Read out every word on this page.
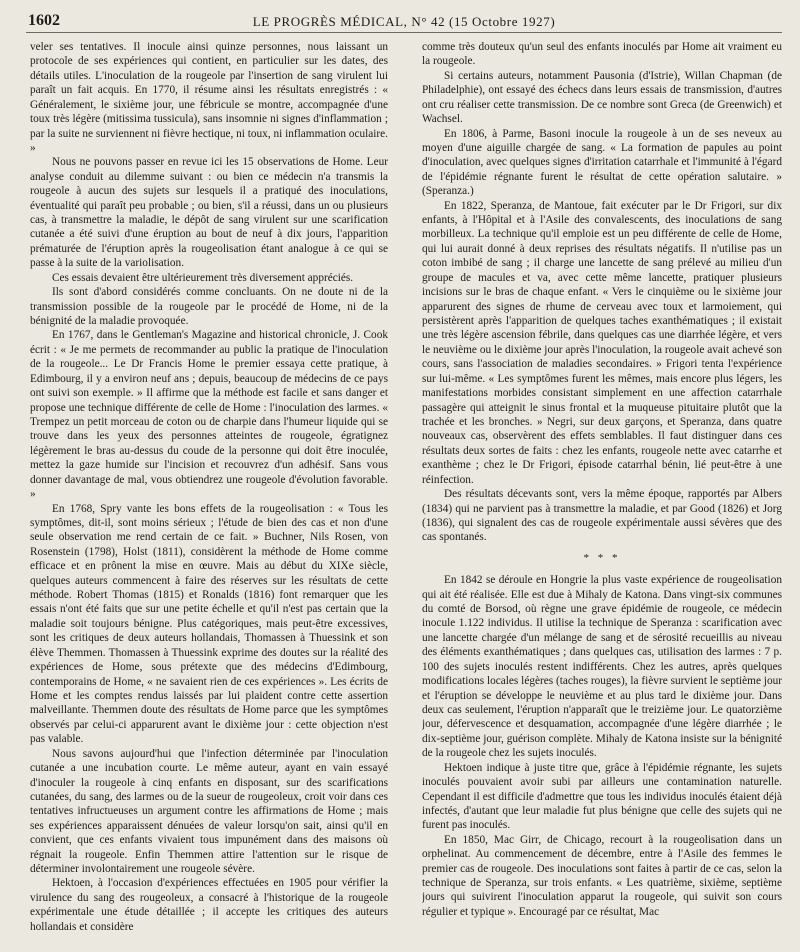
1602	LE PROGRÈS MÉDICAL, N° 42 (15 Octobre 1927)

veler ses tentatives. Il inocule ainsi quinze personnes, nous laissant un protocole de ses expériences qui contient, en particulier sur les dates, des détails utiles. L'inoculation de la rougeole par l'insertion de sang virulent lui paraît un fait acquis. En 1770, il résume ainsi les résultats enregistrés : « Généralement, le sixième jour, une fébricule se montre, accompagnée d'une toux très légère (mitissima tussicula), sans insomnie ni signes d'inflammation ; par la suite ne surviennent ni fièvre hectique, ni toux, ni inflammation oculaire. »

Nous ne pouvons passer en revue ici les 15 observations de Home. Leur analyse conduit au dilemme suivant : ou bien ce médecin n'a transmis la rougeole à aucun des sujets sur lesquels il a pratiqué des inoculations, éventualité qui paraît peu probable ; ou bien, s'il a réussi, dans un ou plusieurs cas, à transmettre la maladie, le dépôt de sang virulent sur une scarification cutanée a été suivi d'une éruption au bout de neuf à dix jours, l'apparition prématurée de l'éruption après la rougeolisation étant analogue à ce qui se passe à la suite de la variolisation.

Ces essais devaient être ultérieurement très diversement appréciés.

Ils sont d'abord considérés comme concluants. On ne doute ni de la transmission possible de la rougeole par le procédé de Home, ni de la bénignité de la maladie provoquée.

En 1767, dans le Gentleman's Magazine and historical chronicle, J. Cook écrit : « Je me permets de recommander au public la pratique de l'inoculation de la rougeole... Le Dr Francis Home le premier essaya cette pratique, à Edimbourg, il y a environ neuf ans ; depuis, beaucoup de médecins de ce pays ont suivi son exemple. » Il affirme que la méthode est facile et sans danger et propose une technique différente de celle de Home : l'inoculation des larmes. « Trempez un petit morceau de coton ou de charpie dans l'humeur liquide qui se trouve dans les yeux des personnes atteintes de rougeole, égratignez légèrement le bras au-dessus du coude de la personne qui doit être inoculée, mettez la gaze humide sur l'incision et recouvrez d'un adhésif. Sans vous donner davantage de mal, vous obtiendrez une rougeole d'évolution favorable. »

En 1768, Spry vante les bons effets de la rougeolisation : « Tous les symptômes, dit-il, sont moins sérieux ; l'étude de bien des cas et non d'une seule observation me rend certain de ce fait. » Buchner, Nils Rosen, von Rosenstein (1798), Holst (1811), considèrent la méthode de Home comme efficace et en prônent la mise en œuvre. Mais au début du XIXe siècle, quelques auteurs commencent à faire des réserves sur les résultats de cette méthode. Robert Thomas (1815) et Ronalds (1816) font remarquer que les essais n'ont été faits que sur une petite échelle et qu'il n'est pas certain que la maladie soit toujours bénigne. Plus catégoriques, mais peut-être excessives, sont les critiques de deux auteurs hollandais, Thomassen à Thuessink et son élève Themmen. Thomassen à Thuessink exprime des doutes sur la réalité des expériences de Home, sous prétexte que des médecins d'Edimbourg, contemporains de Home, « ne savaient rien de ces expériences ». Les écrits de Home et les comptes rendus laissés par lui plaident contre cette assertion malveillante. Themmen doute des résultats de Home parce que les symptômes observés par celui-ci apparurent avant le dixième jour : cette objection n'est pas valable.

Nous savons aujourd'hui que l'infection déterminée par l'inoculation cutanée a une incubation courte. Le même auteur, ayant en vain essayé d'inoculer la rougeole à cinq enfants en disposant, sur des scarifications cutanées, du sang, des larmes ou de la sueur de rougeoleux, croit voir dans ces tentatives infructueuses un argument contre les affirmations de Home ; mais ses expériences apparaissent dénuées de valeur lorsqu'on sait, ainsi qu'il en convient, que ces enfants vivaient tous impunément dans des maisons où régnait la rougeole. Enfin Themmen attire l'attention sur le risque de déterminer involontairement une rougeole sévère.

Hektoen, à l'occasion d'expériences effectuées en 1905 pour vérifier la virulence du sang des rougeoleux, a consacré à l'historique de la rougeole expérimentale une étude détaillée ; il accepte les critiques des auteurs hollandais et considère

comme très douteux qu'un seul des enfants inoculés par Home ait vraiment eu la rougeole.

Si certains auteurs, notamment Pausonia (d'Istrie), Willan Chapman (de Philadelphie), ont essayé des échecs dans leurs essais de transmission, d'autres ont cru réaliser cette transmission. De ce nombre sont Greca (de Greenwich) et Wachsel.

En 1806, à Parme, Basoni inocule la rougeole à un de ses neveux au moyen d'une aiguille chargée de sang. « La formation de papules au point d'inoculation, avec quelques signes d'irritation catarrhale et l'immunité à l'égard de l'épidémie régnante furent le résultat de cette opération salutaire. » (Speranza.)

En 1822, Speranza, de Mantoue, fait exécuter par le Dr Frigori, sur dix enfants, à l'Hôpital et à l'Asile des convalescents, des inoculations de sang morbilleux. La technique qu'il emploie est un peu différente de celle de Home, qui lui aurait donné à deux reprises des résultats négatifs. Il n'utilise pas un coton imbibé de sang ; il charge une lancette de sang prélevé au milieu d'un groupe de macules et va, avec cette même lancette, pratiquer plusieurs incisions sur le bras de chaque enfant. « Vers le cinquième ou le sixième jour apparurent des signes de rhume de cerveau avec toux et larmoiement, qui persistèrent après l'apparition de quelques taches exanthématiques ; il existait une très légère ascension fébrile, dans quelques cas une diarrhée légère, et vers le neuvième ou le dixième jour après l'inoculation, la rougeole avait achevé son cours, sans l'association de maladies secondaires. » Frigori tenta l'expérience sur lui-même. « Les symptômes furent les mêmes, mais encore plus légers, les manifestations morbides consistant simplement en une affection catarrhale passagère qui atteignit le sinus frontal et la muqueuse pituitaire plutôt que la trachée et les bronches. » Negri, sur deux garçons, et Speranza, dans quatre nouveaux cas, observèrent des effets semblables. Il faut distinguer dans ces résultats deux sortes de faits : chez les enfants, rougeole nette avec catarrhe et exanthème ; chez le Dr Frigori, épisode catarrhal bénin, lié peut-être à une réinfection.

Des résultats décevants sont, vers la même époque, rapportés par Albers (1834) qui ne parvient pas à transmettre la maladie, et par Good (1826) et Jorg (1836), qui signalent des cas de rougeole expérimentale aussi sévères que des cas spontanés.

* * *

En 1842 se déroule en Hongrie la plus vaste expérience de rougeolisation qui ait été réalisée. Elle est due à Mihaly de Katona. Dans vingt-six communes du comté de Borsod, où règne une grave épidémie de rougeole, ce médecin inocule 1.122 individus. Il utilise la technique de Speranza : scarification avec une lancette chargée d'un mélange de sang et de sérosité recueillis au niveau des éléments exanthématiques ; dans quelques cas, utilisation des larmes : 7 p. 100 des sujets inoculés restent indifférents. Chez les autres, après quelques modifications locales légères (taches rouges), la fièvre survient le septième jour et l'éruption se développe le neuvième et au plus tard le dixième jour. Dans deux cas seulement, l'éruption n'apparaît que le treizième jour. Le quatorzième jour, défervescence et desquamation, accompagnée d'une légère diarrhée ; le dix-septième jour, guérison complète. Mihaly de Katona insiste sur la bénignité de la rougeole chez les sujets inoculés.

Hektoen indique à juste titre que, grâce à l'épidémie régnante, les sujets inoculés pouvaient avoir subi par ailleurs une contamination naturelle. Cependant il est difficile d'admettre que tous les individus inoculés étaient déjà infectés, d'autant que leur maladie fut plus bénigne que celle des sujets qui ne furent pas inoculés.

En 1850, Mac Girr, de Chicago, recourt à la rougeolisation dans un orphelinat. Au commencement de décembre, entre à l'Asile des femmes le premier cas de rougeole. Des inoculations sont faites à partir de ce cas, selon la technique de Speranza, sur trois enfants. « Les quatrième, sixième, septième jours qui suivirent l'inoculation apparut la rougeole, qui suivit son cours régulier et typique ». Encouragé par ce résultat, Mac
